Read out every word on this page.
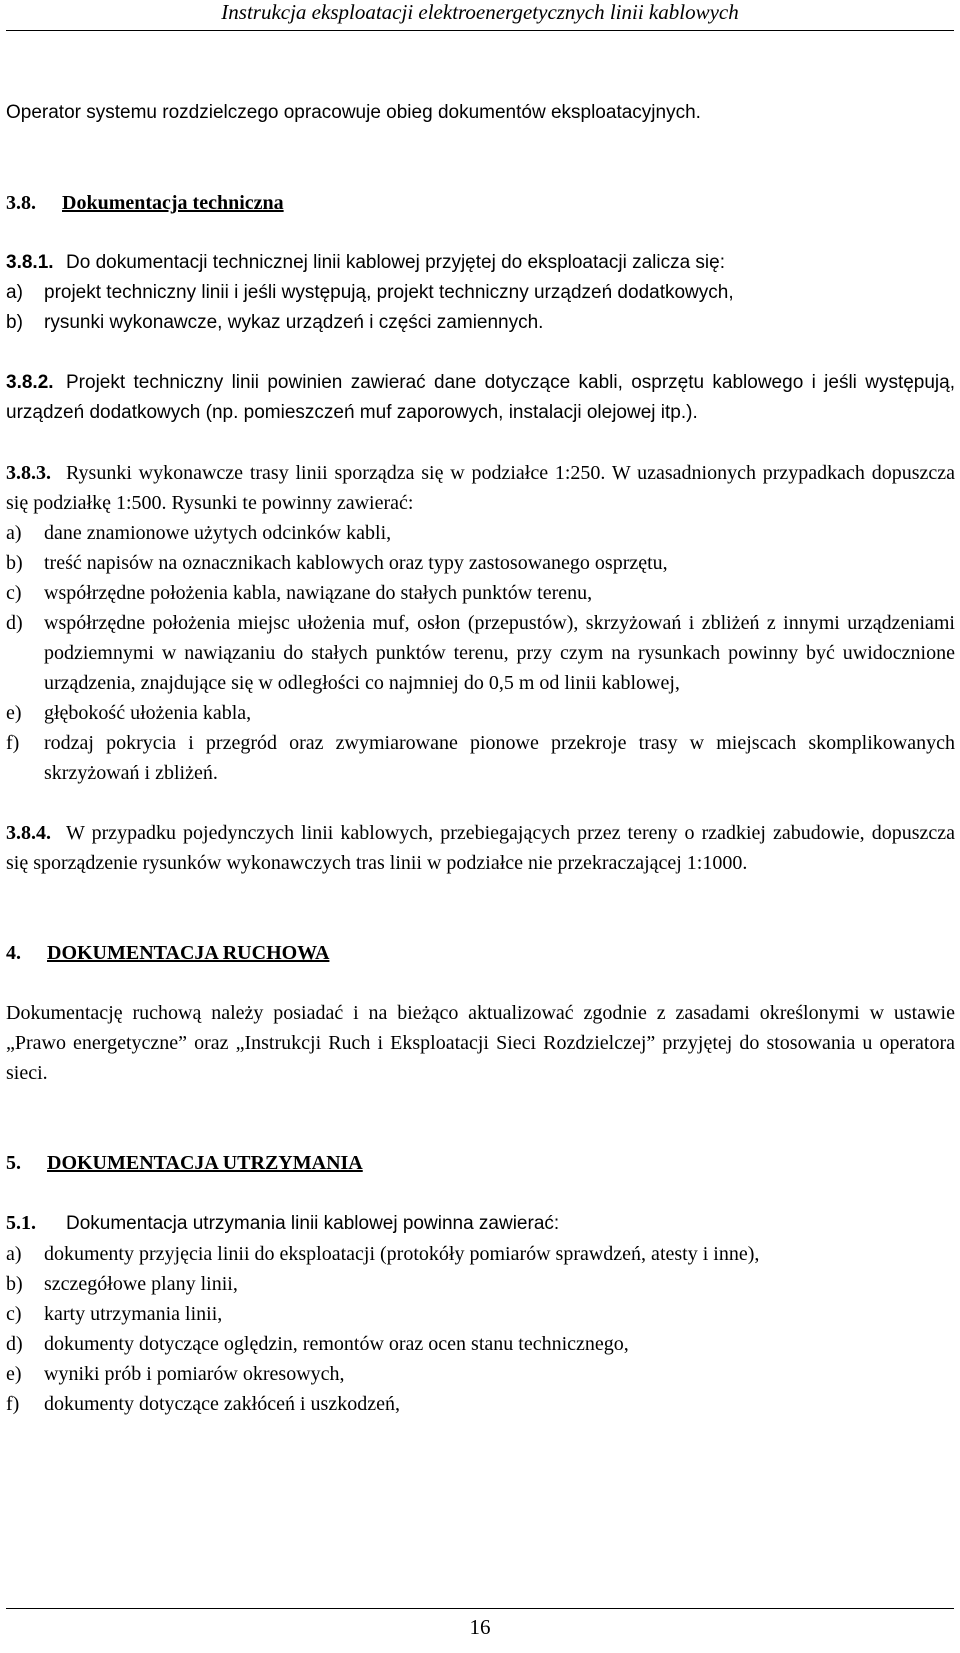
Instrukcja eksploatacji elektroenergetycznych linii kablowych

Operator systemu rozdzielczego opracowuje obieg dokumentów eksploatacyjnych.

3.8. Dokumentacja techniczna

3.8.1. Do dokumentacji technicznej linii kablowej przyjętej do eksploatacji zalicza się:

a) projekt techniczny linii i jeśli występują, projekt techniczny urządzeń dodatkowych,
b) rysunki wykonawcze, wykaz urządzeń i części zamiennych.

3.8.2. Projekt techniczny linii powinien zawierać dane dotyczące kabli, osprzętu kablowego i jeśli występują, urządzeń dodatkowych (np. pomieszczeń muf zaporowych, instalacji olejowej itp.).

3.8.3. Rysunki wykonawcze trasy linii sporządza się w podziałce 1:250. W uzasadnionych przypadkach dopuszcza się podziałkę 1:500. Rysunki te powinny zawierać:

a) dane znamionowe użytych odcinków kabli,
b) treść napisów na oznacznikach kablowych oraz typy zastosowanego osprzętu,
c) współrzędne położenia kabla, nawiązane do stałych punktów terenu,
d) współrzędne położenia miejsc ułożenia muf, osłon (przepustów), skrzyżowań i zbliżeń z innymi urządzeniami podziemnymi w nawiązaniu do stałych punktów terenu, przy czym na rysunkach powinny być uwidocznione urządzenia, znajdujące się w odległości co najmniej do 0,5 m od linii kablowej,
e) głębokość ułożenia kabla,
f) rodzaj pokrycia i przegród oraz zwymiarowane pionowe przekroje trasy w miejscach skomplikowanych skrzyżowań i zbliżeń.

3.8.4. W przypadku pojedynczych linii kablowych, przebiegających przez tereny o rzadkiej zabudowie, dopuszcza się sporządzenie rysunków wykonawczych tras linii w podziałce nie przekraczającej 1:1000.

4. DOKUMENTACJA RUCHOWA

Dokumentację ruchową należy posiadać i na bieżąco aktualizować zgodnie z zasadami określonymi w ustawie „Prawo energetyczne” oraz „Instrukcji Ruch i Eksploatacji Sieci Rozdzielczej” przyjętej do stosowania u operatora sieci.

5. DOKUMENTACJA UTRZYMANIA

5.1. Dokumentacja utrzymania linii kablowej powinna zawierać:

a) dokumenty przyjęcia linii do eksploatacji (protokóły pomiarów sprawdzeń, atesty i inne),
b) szczegółowe plany linii,
c) karty utrzymania linii,
d) dokumenty dotyczące oględzin, remontów oraz ocen stanu technicznego,
e) wyniki prób i pomiarów okresowych,
f) dokumenty dotyczące zakłóceń i uszkodzeń,
16
